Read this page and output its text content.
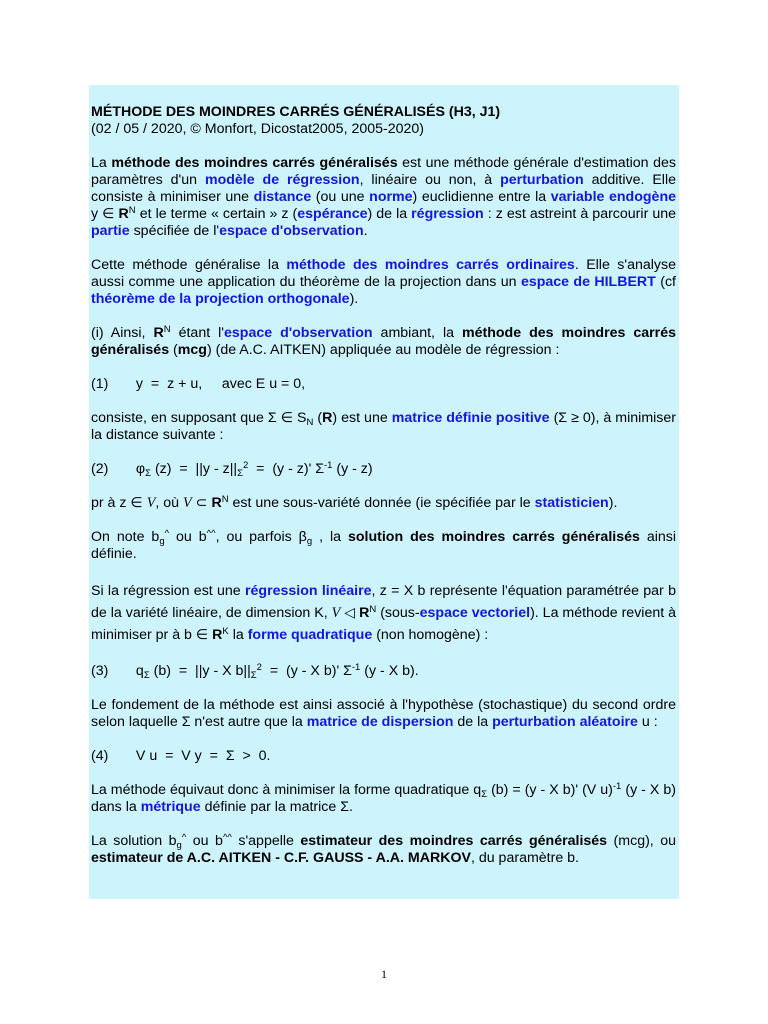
MÉTHODE DES MOINDRES CARRÉS GÉNÉRALISÉS (H3, J1)
(02 / 05 / 2020, © Monfort, Dicostat2005, 2005-2020)

La méthode des moindres carrés généralisés est une méthode générale d'estimation des paramètres d'un modèle de régression, linéaire ou non, à perturbation additive. Elle consiste à minimiser une distance (ou une norme) euclidienne entre la variable endogène y ∈ $R^N$ et le terme « certain » z (espérance) de la régression : z est astreint à parcourir une partie spécifiée de l'espace d'observation.

Cette méthode généralise la méthode des moindres carrés ordinaires. Elle s'analyse aussi comme une application du théorème de la projection dans un espace de HILBERT (cf théorème de la projection orthogonale).

(i) Ainsi, $R^N$ étant l'espace d'observation ambiant, la méthode des moindres carrés généralisés (mcg) (de A.C. AITKEN) appliquée au modèle de régression :

(1)       y  =  z + u,     avec E u = 0,

consiste, en supposant que Σ ∈ $S_N$ (R) est une matrice définie positive (Σ ≥ 0), à minimiser la distance suivante :

(2)       $\varphi_\Sigma$ $(z) = ||y - z||_\Sigma^2 = (y - z)'$ $\Sigma^{-1}$ (y - z)

pr à z ∈ V, où V ⊂ $R^N$ est une sous-variété donnée (ie spécifiée par le statisticien).

On note $b_g^{\^{}}$ ou b^^, ou parfois $\beta_g$ , la solution des moindres carrés généralisés ainsi définie.

Si la régression est une régression linéaire, z = X b représente l'équation paramétrée par b de la variété linéaire, de dimension K, V ◁ $R^N$ (sous-espace vectoriel). La méthode revient à minimiser pr à b ∈ $R^K$ la forme quadratique (non homogène) :

(3)       $q_\Sigma$ (b)  =  ||y - X $b||_\Sigma^2 = (y - X$ b)' $\Sigma^{-1}$ (y - X b).

Le fondement de la méthode est ainsi associé à l'hypothèse (stochastique) du second ordre selon laquelle Σ n'est autre que la matrice de dispersion de la perturbation aléatoire u :

(4)       V u  =  V y  =  Σ  >  0.

La méthode équivaut donc à minimiser la forme quadratique $q_\Sigma$ (b) = (y - X b)' (V u)$^{-1}$ (y - X b) dans la métrique définie par la matrice Σ.

La solution $b_g^{\^{}}$ ou b^^ s'appelle estimateur des moindres carrés généralisés (mcg), ou estimateur de A.C. AITKEN - C.F. GAUSS - A.A. MARKOV, du paramètre b.

1
